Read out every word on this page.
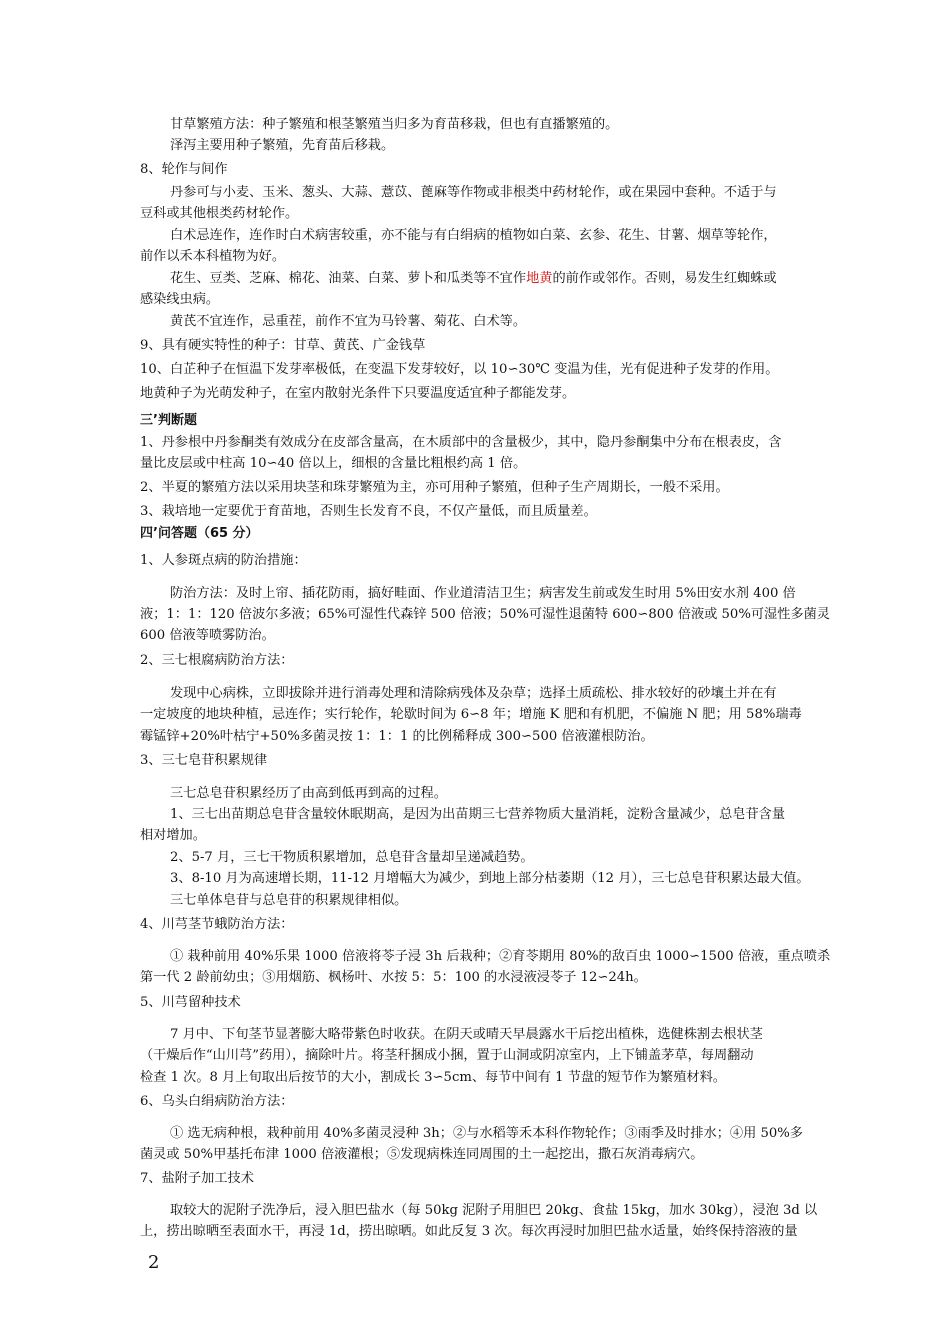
甘草繁殖方法：种子繁殖和根茎繁殖当归多为育苗移栽，但也有直播繁殖的。
泽泻主要用种子繁殖，先育苗后移栽。
8、轮作与间作
丹参可与小麦、玉米、葱头、大蒜、薏苡、蓖麻等作物或非根类中药材轮作，或在果园中套种。不适于与
豆科或其他根类药材轮作。
白术忌连作，连作时白术病害较重，亦不能与有白绢病的植物如白菜、玄参、花生、甘薯、烟草等轮作，
前作以禾本科植物为好。
花生、豆类、芝麻、棉花、油菜、白菜、萝卜和瓜类等不宜作地黄的前作或邻作。否则，易发生红蜘蛛或
感染线虫病。
黄芪不宜连作，忌重茬，前作不宜为马铃薯、菊花、白术等。
9、具有硬实特性的种子：甘草、黄芪、广金钱草
10、白芷种子在恒温下发芽率极低，在变温下发芽较好，以 10∽30℃ 变温为佳，光有促进种子发芽的作用。
地黄种子为光萌发种子，在室内散射光条件下只要温度适宜种子都能发芽。
三’判断题
1、丹参根中丹参酮类有效成分在皮部含量高，在木质部中的含量极少，其中，隐丹参酮集中分布在根表皮，含
量比皮层或中柱高 10∽40 倍以上，细根的含量比粗根约高 1 倍。
2、半夏的繁殖方法以采用块茎和珠芽繁殖为主，亦可用种子繁殖，但种子生产周期长，一般不采用。
3、栽培地一定要优于育苗地，否则生长发育不良，不仅产量低，而且质量差。
四’问答题（65 分）
1、人参斑点病的防治措施：
防治方法：及时上帘、插花防雨，搞好畦面、作业道清洁卫生；病害发生前或发生时用 5%田安水剂 400 倍
液；1：1：120 倍波尔多液；65%可湿性代森锌 500 倍液；50%可湿性退菌特 600∽800 倍液或 50%可湿性多菌灵
600 倍液等喷雾防治。
2、三七根腐病防治方法：
发现中心病株，立即拔除并进行消毒处理和清除病残体及杂草；选择土质疏松、排水较好的砂壤土并在有
一定坡度的地块种植，忌连作；实行轮作，轮歇时间为 6∽8 年；增施 K 肥和有机肥，不偏施 N 肥；用 58%瑞毒
霉锰锌+20%叶枯宁+50%多菌灵按 1：1：1 的比例稀释成 300∽500 倍液灌根防治。
3、三七皂苷积累规律
三七总皂苷积累经历了由高到低再到高的过程。
1、三七出苗期总皂苷含量较休眠期高，是因为出苗期三七营养物质大量消耗，淀粉含量减少，总皂苷含量
相对增加。
2、5-7 月，三七干物质积累增加，总皂苷含量却呈递减趋势。
3、8-10 月为高速增长期，11-12 月增幅大为减少，到地上部分枯萎期（12 月），三七总皂苷积累达最大值。
三七单体皂苷与总皂苷的积累规律相似。
4、川芎茎节蛾防治方法：
① 栽种前用 40%乐果 1000 倍液将苓子浸 3h 后栽种；②育苓期用 80%的敌百虫 1000∽1500 倍液，重点喷杀
第一代 2 龄前幼虫；③用烟筋、枫杨叶、水按 5：5：100 的水浸液浸苓子 12∽24h。
5、川芎留种技术
7 月中、下旬茎节显著膨大略带紫色时收获。在阴天或晴天早晨露水干后挖出植株，选健株割去根状茎
（干燥后作“山川芎”药用），摘除叶片。将茎秆捆成小捆，置于山洞或阴凉室内，上下铺盖茅草，每周翻动
检查 1 次。8 月上旬取出后按节的大小，割成长 3∽5cm、每节中间有 1 节盘的短节作为繁殖材料。
6、乌头白绢病防治方法：
① 选无病种根，栽种前用 40%多菌灵浸种 3h；②与水稻等禾本科作物轮作；③雨季及时排水；④用 50%多
菌灵或 50%甲基托布津 1000 倍液灌根；⑤发现病株连同周围的土一起挖出，撒石灰消毒病穴。
7、盐附子加工技术
取较大的泥附子洗净后，浸入胆巴盐水（每 50kg 泥附子用胆巴 20kg、食盐 15kg，加水 30kg），浸泡 3d 以
上，捞出晾晒至表面水干，再浸 1d，捞出晾晒。如此反复 3 次。每次再浸时加胆巴盐水适量，始终保持溶液的量
2
